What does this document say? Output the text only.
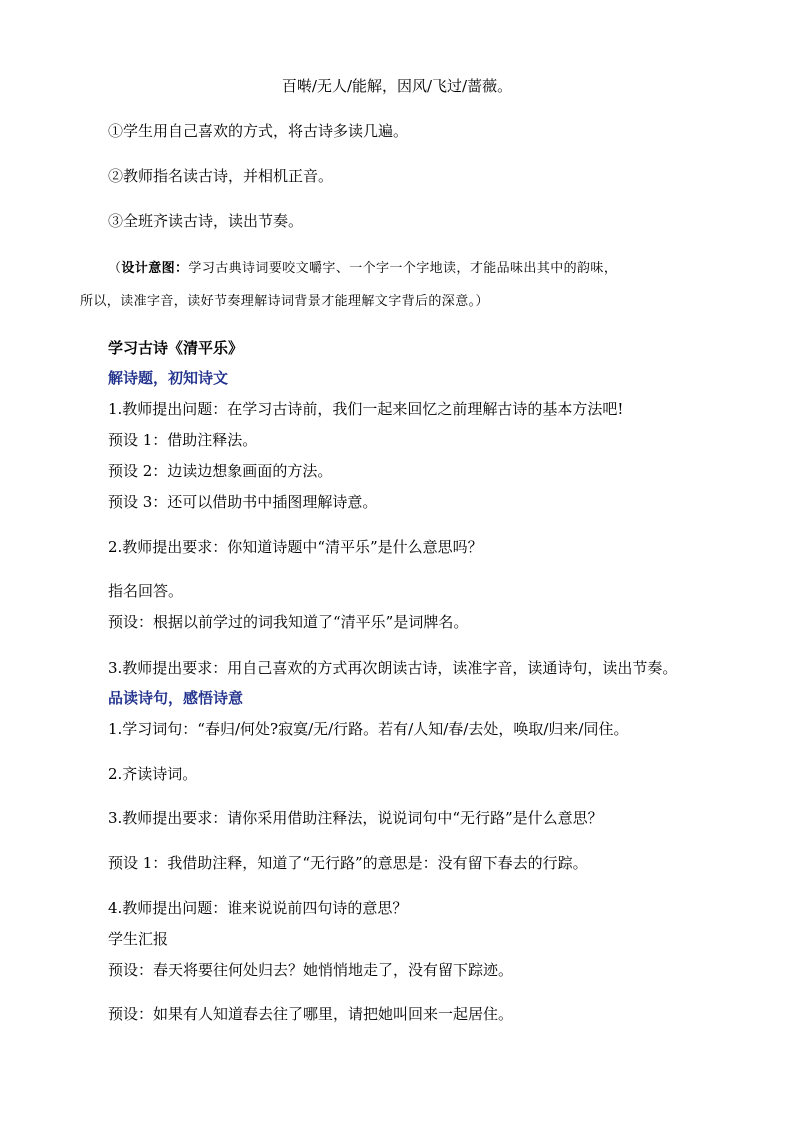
百啭/无人/能解，因风/飞过/蔷薇。
①学生用自己喜欢的方式，将古诗多读几遍。
②教师指名读古诗，并相机正音。
③全班齐读古诗，读出节奏。
（设计意图：学习古典诗词要咬文嚼字、一个字一个字地读，才能品味出其中的韵味，
所以，读准字音，读好节奏理解诗词背景才能理解文字背后的深意。）
学习古诗《清平乐》
解诗题，初知诗文
1.教师提出问题：在学习古诗前，我们一起来回忆之前理解古诗的基本方法吧!
预设 1：借助注释法。
预设 2：边读边想象画面的方法。
预设 3：还可以借助书中插图理解诗意。
2.教师提出要求：你知道诗题中“清平乐”是什么意思吗？
指名回答。
预设：根据以前学过的词我知道了“清平乐”是词牌名。
3.教师提出要求：用自己喜欢的方式再次朗读古诗，读准字音，读通诗句，读出节奏。
品读诗句，感悟诗意
1.学习词句：“春归/何处?寂寞/无/行路。若有/人知/春/去处，唤取/归来/同住。
2.齐读诗词。
3.教师提出要求：请你采用借助注释法，说说词句中“无行路”是什么意思？
预设 1：我借助注释，知道了“无行路”的意思是：没有留下春去的行踪。
4.教师提出问题：谁来说说前四句诗的意思？
学生汇报
预设：春天将要往何处归去？她悄悄地走了，没有留下踪迹。
预设：如果有人知道春去往了哪里，请把她叫回来一起居住。
